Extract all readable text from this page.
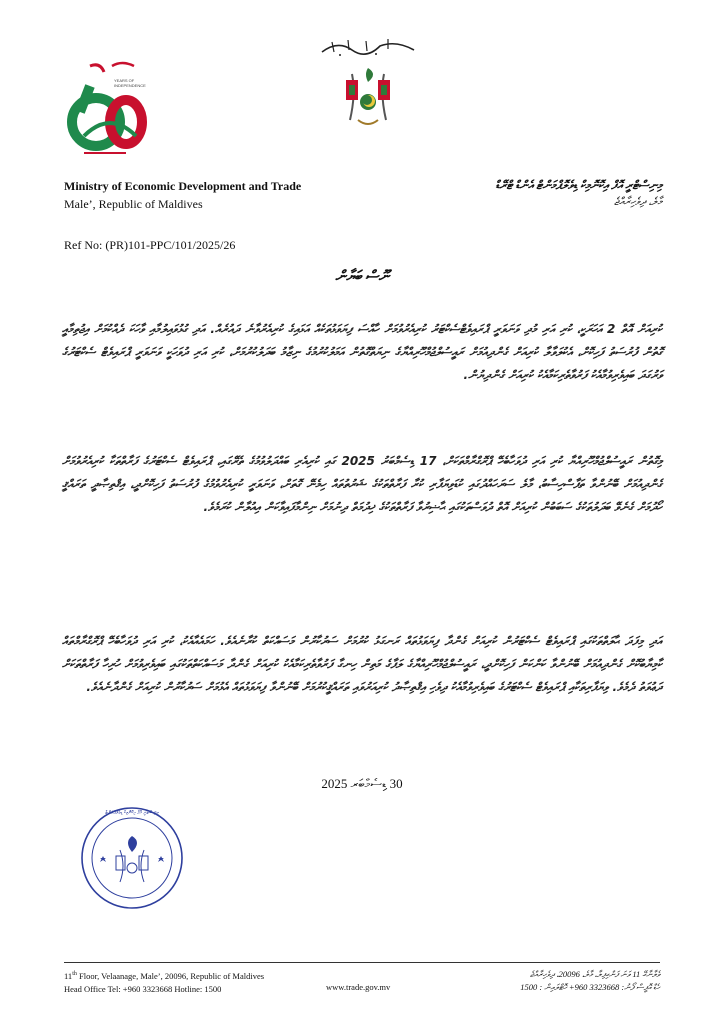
YEARS OF INDEPENDENCE
Ministry of Economic Development and Trade
Male’, Republic of Maldives
މިނިސްޓްރީ އޮފް އިކޮނޮމިކް ޑިވެލޮޕްމަންޓް އެންޑް ޓްރޭޑް
މާލެ، ދިވެހިރާއްޖެ
Ref No: (PR)101-PPC/101/2025/26
ނޫސް ބަޔާން
ކުރިއަށް އޮތް 2 އަހަރަކީ، ކުރި އަރި މުދި ވަނަވަރީ ޕްރައިވެޓްސެކްޓަރު ކުރިއެރުވުމަށް ހާއްސަ ފިޔަވަޅުތަކެއް އަޅައިގެ ކުރިއެރުވާނެ ދައުރެއް. އަދި ގުޅުވައިލުމާއި ވާހަކަ ދެއްކުމަށް އިޖުތިމާއީ ގޮތުން ފުރުސަތު ފަހިކޮށް، އެކުލަވާލާ ކުރިއަށް ގެންދިއުމަށް ރައީސުލްޖުމްހޫރިއްޔާގެ ނިޔަތްގޮތުން އަމަލުކުރުމުގެ ނިޒާމު ބަދަލުކުރުމަށް، ކުރި އަރި ދުވަހަކީ ވަނަވަރީ ޕްރައިވެޓް ސެކްޓަރުގެ ވަރުގަދަ ބައިވެރިވުމާއެކު ފަރުވާތެރިކަމާއެކު ކުރިއަށް ގެންދިޔުން.
މިގޮތުން ރައީސުލްޖުމްހޫރިއްޔާ ކުރި އަރި ދުވަހާބެހޭ ޕްރޮގްރާމްތަކަށް، 17 ޑިސެމްބަރު 2025 ގައި ކުރިއެރި ބައްދަލުވުމުގެ ތެރޭގައި، ޕްރައިވެޓް ސެކްޓަރުގެ ފަރާތްތަކާ ކުރިއެރުވުމަށް ގެންދިއުމަށް ބޭނުންވާ ތަފާސްހިސާބު، މާލެ ސަރަހައްދުގައި ކުޑަވިޔަފާރި ކުރާ ފަރާތްތަކުގެ ޝަރުތުތައް ހިމެނޭ ގޮތަށް، ވަނަވަރީ ކުރިއެރުވުމުގެ ފުރުސަތު ފަހިކޮށްދީ، އިޤްތިޞާދީ ތަރައްޤީ ހޯދުމަށް ގެނެވޭ ބަދަލުތަކުގެ ސަބަބުން ކުރިއަށް އޮތް ދުވަސްތަކުގައި ޙާޟިރުވާ ފަރާތްތަކުގެ ޚިދުމަތް ދިނުމަށް ނިންމާފައިވާކަން އިއުލާން ކުރަމެވެ.
އަދި މިފަދަ ޙާލަތްތަކުގައި ޕްރައިވެޓް ސެކްޓަރުން ކުރިއަށް ގެންދާ ފިޔަވަޅުތައް ރަނގަޅު ކުރުމަށް ސަރުކާރުން މަސައްކަތް ކުރާނެއެވެ. ހަމައެއާއެކު، ކުރި އަރި ދުވަހާބެހޭ ޕްރޮގްރާމްތައް ކާމިޔާބުކޮށް ގެންދިއުމަށް ބޭނުންވާ ކަންކަން ފަހިކޮށްދީ، ރައީސުލްޖުމްހޫރިއްޔާގެ ލަފާގެ މަތިން ހިނގާ ފަރުވާތެރިކަމާއެކު ކުރިއަށް ގެންދާ މަސައްކަތްތަކުގައި ބައިވެރިވުމަށް ހުރިހާ ފަރާތްތަކަށް ދަޢުވަތު ދެމެވެ. ވިޔަފާރިތަކާއި ޕްރައިވެޓް ސެކްޓަރުގެ ބައިވެރިވުމާއެކު ދިވެހި އިޤްތިޞާދު ކުރިއަރުވައި ތަރައްޤީކުރުމަށް ބޭނުންވާ ފިޔަވަޅުތައް އެޅުމަށް ސަރުކާރުން ކުރިއަށް ގެންދާނެއެވެ.
30 ޑިސެމްބަރ 2025
މިނިސްޓްރީ އޮފް އިކޮނޮމިކް ޑިވެލޮޕްމަންޓް
11th Floor, Velaanage, Male’, 20096, Republic of Maldives
Head Office Tel: +960 3323668 Hotline: 1500	www.trade.gov.mv
ވެލާނާގޭ 11 ވަނަ ފަންގިފިލާ، މާލެ، 20096، ދިވެހިރާއްޖެ
ހެޑް އޮފީސް ފޯނު: 3323668 960+ ހޮޓްލައިން : 1500
